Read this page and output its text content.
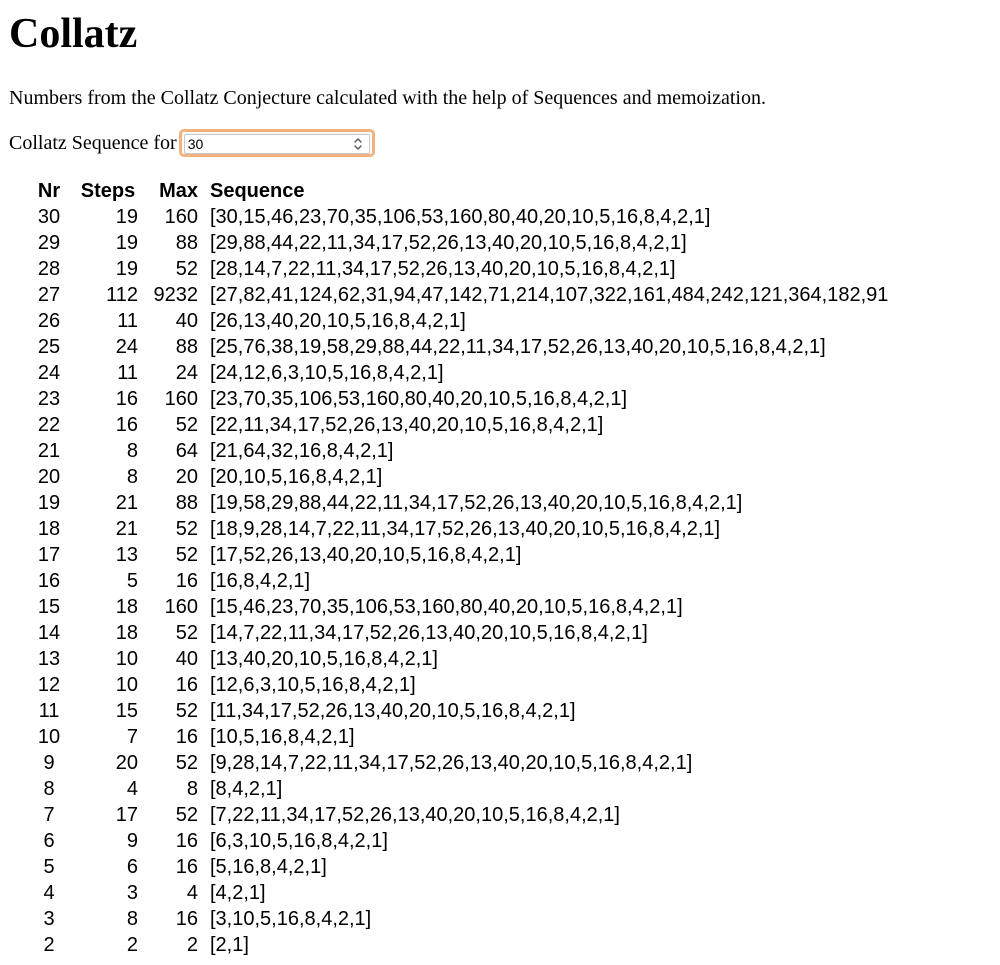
Collatz

Numbers from the Collatz Conjecture calculated with the help of Sequences and memoization.

Collatz Sequence for
30
Nr	Steps	Max	Sequence
30	19	160	[30,15,46,23,70,35,106,53,160,80,40,20,10,5,16,8,4,2,1]
29	19	88	[29,88,44,22,11,34,17,52,26,13,40,20,10,5,16,8,4,2,1]
28	19	52	[28,14,7,22,11,34,17,52,26,13,40,20,10,5,16,8,4,2,1]
27	112	9232	[27,82,41,124,62,31,94,47,142,71,214,107,322,161,484,242,121,364,182,91
26	11	40	[26,13,40,20,10,5,16,8,4,2,1]
25	24	88	[25,76,38,19,58,29,88,44,22,11,34,17,52,26,13,40,20,10,5,16,8,4,2,1]
24	11	24	[24,12,6,3,10,5,16,8,4,2,1]
23	16	160	[23,70,35,106,53,160,80,40,20,10,5,16,8,4,2,1]
22	16	52	[22,11,34,17,52,26,13,40,20,10,5,16,8,4,2,1]
21	8	64	[21,64,32,16,8,4,2,1]
20	8	20	[20,10,5,16,8,4,2,1]
19	21	88	[19,58,29,88,44,22,11,34,17,52,26,13,40,20,10,5,16,8,4,2,1]
18	21	52	[18,9,28,14,7,22,11,34,17,52,26,13,40,20,10,5,16,8,4,2,1]
17	13	52	[17,52,26,13,40,20,10,5,16,8,4,2,1]
16	5	16	[16,8,4,2,1]
15	18	160	[15,46,23,70,35,106,53,160,80,40,20,10,5,16,8,4,2,1]
14	18	52	[14,7,22,11,34,17,52,26,13,40,20,10,5,16,8,4,2,1]
13	10	40	[13,40,20,10,5,16,8,4,2,1]
12	10	16	[12,6,3,10,5,16,8,4,2,1]
11	15	52	[11,34,17,52,26,13,40,20,10,5,16,8,4,2,1]
10	7	16	[10,5,16,8,4,2,1]
9	20	52	[9,28,14,7,22,11,34,17,52,26,13,40,20,10,5,16,8,4,2,1]
8	4	8	[8,4,2,1]
7	17	52	[7,22,11,34,17,52,26,13,40,20,10,5,16,8,4,2,1]
6	9	16	[6,3,10,5,16,8,4,2,1]
5	6	16	[5,16,8,4,2,1]
4	3	4	[4,2,1]
3	8	16	[3,10,5,16,8,4,2,1]
2	2	2	[2,1]
